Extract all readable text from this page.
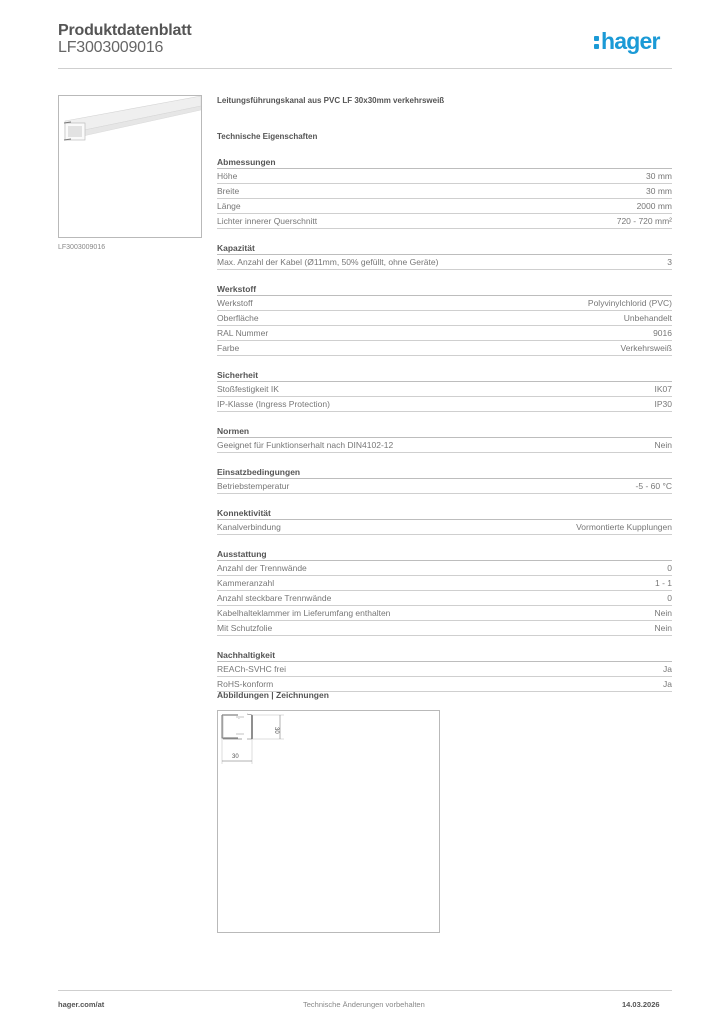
Produktdatenblatt
LF3003009016	hager
LF3003009016
Leitungsführungskanal aus PVC LF 30x30mm verkehrsweiß
Technische Eigenschaften
Abmessungen
Höhe	30 mm
Breite	30 mm
Länge	2000 mm
Lichter innerer Querschnitt	720 - 720 mm²
Kapazität
Max. Anzahl der Kabel (Ø11mm, 50% gefüllt, ohne Geräte)	3
Werkstoff
Werkstoff	Polyvinylchlorid (PVC)
Oberfläche	Unbehandelt
RAL Nummer	9016
Farbe	Verkehrsweiß
Sicherheit
Stoßfestigkeit IK	IK07
IP-Klasse (Ingress Protection)	IP30
Normen
Geeignet für Funktionserhalt nach DIN4102-12	Nein
Einsatzbedingungen
Betriebstemperatur	-5 - 60 °C
Konnektivität
Kanalverbindung	Vormontierte Kupplungen
Ausstattung
Anzahl der Trennwände	0
Kammeranzahl	1 - 1
Anzahl steckbare Trennwände	0
Kabelhalteklammer im Lieferumfang enthalten	Nein
Mit Schutzfolie	Nein
Nachhaltigkeit
REACh-SVHC frei	Ja
RoHS-konform	Ja
Abbildungen | Zeichnungen
~
30
30
hager.com/at	Technische Änderungen vorbehalten	14.03.2026
